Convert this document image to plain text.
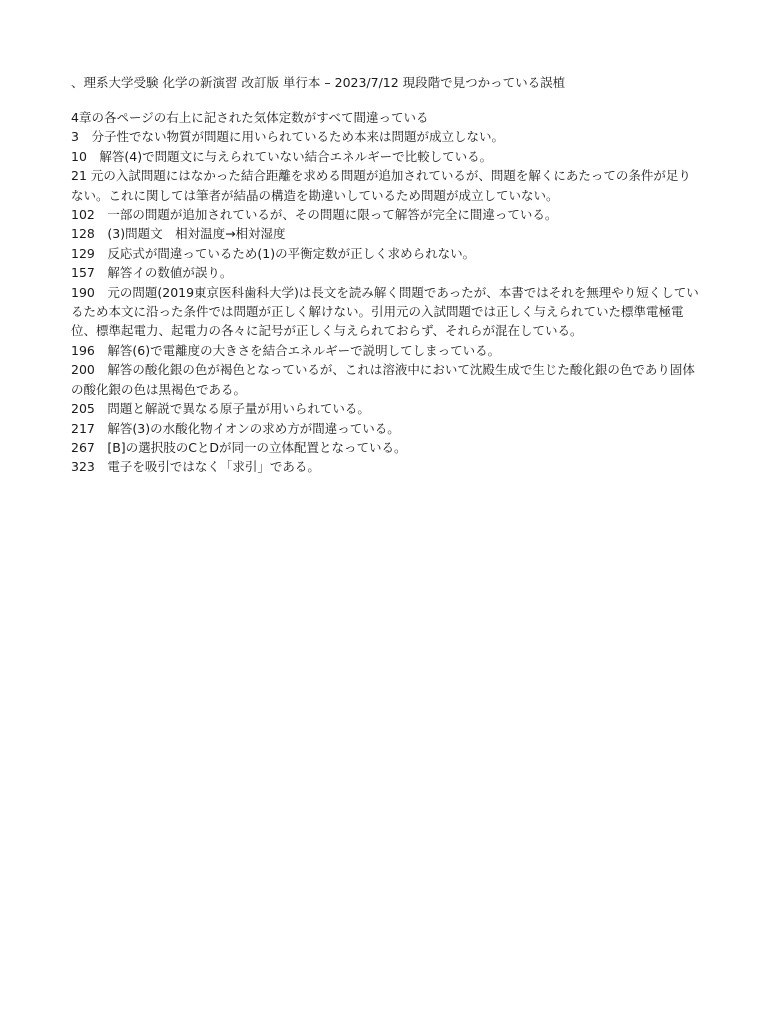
、理系大学受験 化学の新演習 改訂版 単行本 – 2023/7/12 現段階で見つかっている誤植
4章の各ページの右上に記された気体定数がすべて間違っている
3　分子性でない物質が問題に用いられているため本来は問題が成立しない。
10　解答(4)で問題文に与えられていない結合エネルギーで比較している。
21 元の入試問題にはなかった結合距離を求める問題が追加されているが、問題を解くにあたっての条件が足りない。これに関しては筆者が結晶の構造を勘違いしているため問題が成立していない。
102　一部の問題が追加されているが、その問題に限って解答が完全に間違っている。
128　(3)問題文　相対温度→相対湿度
129　反応式が間違っているため(1)の平衡定数が正しく求められない。
157　解答イの数値が誤り。
190　元の問題(2019東京医科歯科大学)は長文を読み解く問題であったが、本書ではそれを無理やり短くしているため本文に沿った条件では問題が正しく解けない。引用元の入試問題では正しく与えられていた標準電極電位、標準起電力、起電力の各々に記号が正しく与えられておらず、それらが混在している。
196　解答(6)で電離度の大きさを結合エネルギーで説明してしまっている。
200　解答の酸化銀の色が褐色となっているが、これは溶液中において沈殿生成で生じた酸化銀の色であり固体の酸化銀の色は黒褐色である。
205　問題と解説で異なる原子量が用いられている。
217　解答(3)の水酸化物イオンの求め方が間違っている。
267　[B]の選択肢のCとDが同一の立体配置となっている。
323　電子を吸引ではなく「求引」である。
